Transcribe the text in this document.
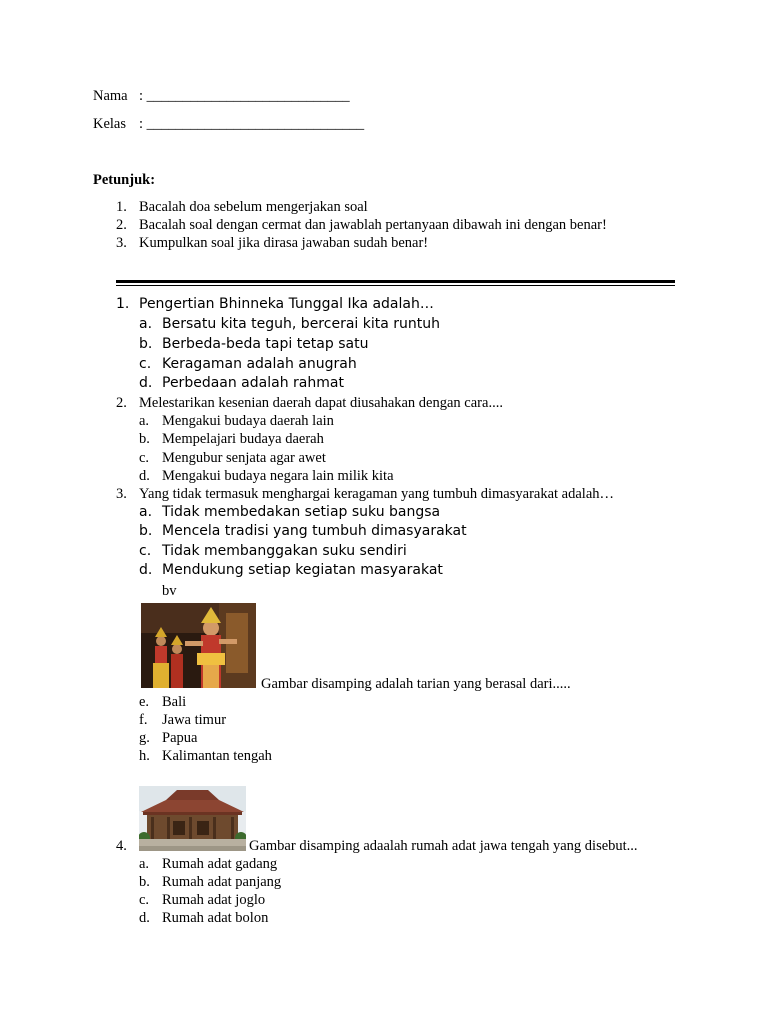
Nama : ____________________________
Kelas : ______________________________
Petunjuk:
1. Bacalah doa sebelum mengerjakan soal
2. Bacalah soal dengan cermat dan jawablah pertanyaan dibawah ini dengan benar!
3. Kumpulkan soal jika dirasa jawaban sudah benar!
1. Pengertian Bhinneka Tunggal Ika adalah…
a. Bersatu kita teguh, bercerai kita runtuh
b. Berbeda-beda tapi tetap satu
c. Keragaman adalah anugrah
d. Perbedaan adalah rahmat
2. Melestarikan kesenian daerah dapat diusahakan dengan cara....
a. Mengakui budaya daerah lain
b. Mempelajari budaya daerah
c. Mengubur senjata agar awet
d. Mengakui budaya negara lain milik kita
3. Yang tidak termasuk menghargai keragaman yang tumbuh dimasyarakat adalah…
a. Tidak membedakan setiap suku bangsa
b. Mencela tradisi yang tumbuh dimasyarakat
c. Tidak membanggakan suku sendiri
d. Mendukung setiap kegiatan masyarakat
bv
Gambar disamping adalah tarian yang berasal dari.....
e. Bali
f. Jawa timur
g. Papua
h. Kalimantan tengah
4.	Gambar disamping adaalah rumah adat jawa tengah yang disebut...
a. Rumah adat gadang
b. Rumah adat panjang
c. Rumah adat joglo
d. Rumah adat bolon
